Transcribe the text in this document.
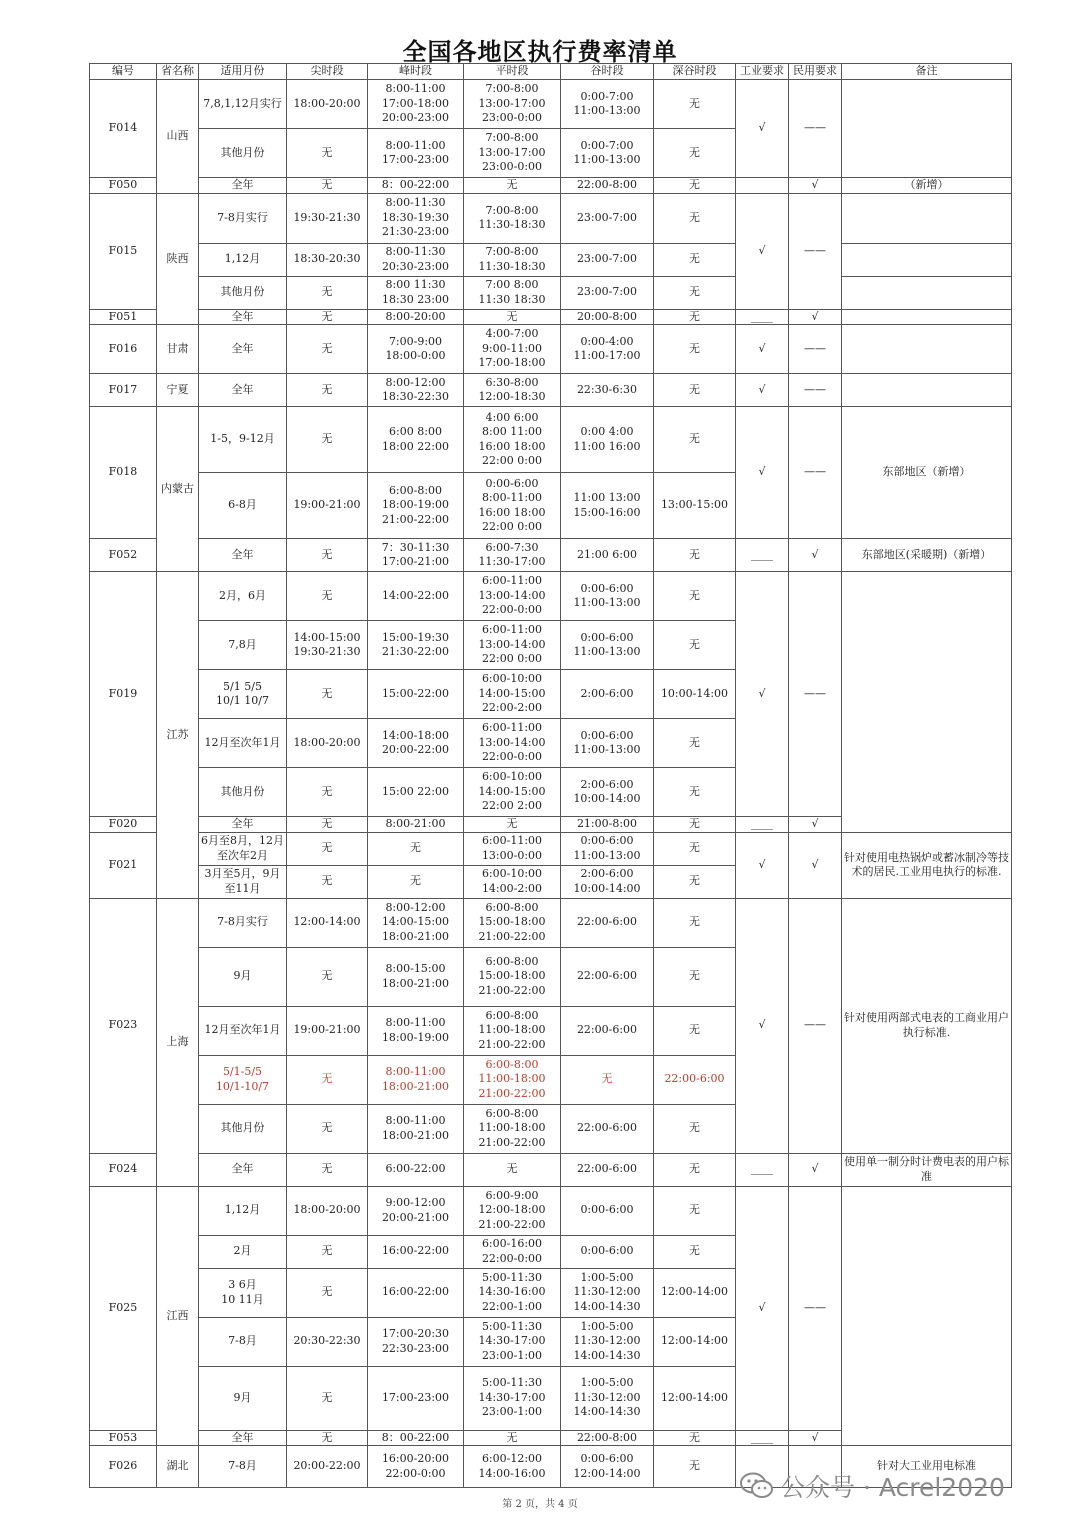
全国各地区执行费率清单
编号	省名称	适用月份	尖时段	峰时段	平时段	谷时段	深谷时段	工业要求	民用要求	备注
F014	山西	7,8,1,12月实行	18:00-20:00	8:00-11:00
17:00-18:00
20:00-23:00	7:00-8:00
13:00-17:00
23:00-0:00	0:00-7:00
11:00-13:00	无	√	——	
		其他月份	无	8:00-11:00
17:00-23:00	7:00-8:00
13:00-17:00
23:00-0:00	0:00-7:00
11:00-13:00	无			
F050		全年	无	8：00-22:00	无	22:00-8:00	无		√	（新增）
F015	陕西	7-8月实行	19:30-21:30	8:00-11:30
18:30-19:30
21:30-23:00	7:00-8:00
11:30-18:30	23:00-7:00	无	√	——	
		1,12月	18:30-20:30	8:00-11:30
20:30-23:00	7:00-8:00
11:30-18:30	23:00-7:00	无			
		其他月份	无	8:00 11:30
18:30 23:00	7:00 8:00
11:30 18:30	23:00-7:00	无			
F051		全年	无	8:00-20:00	无	20:00-8:00	无	____	√	
F016	甘肃	全年	无	7:00-9:00
18:00-0:00	4:00-7:00
9:00-11:00
17:00-18:00	0:00-4:00
11:00-17:00	无	√	——	
F017	宁夏	全年	无	8:00-12:00
18:30-22:30	6:30-8:00
12:00-18:30	22:30-6:30	无	√	——	
F018	内蒙古	1-5，9-12月	无	6:00 8:00
18:00 22:00	4:00 6:00
8:00 11:00
16:00 18:00
22:00 0:00	0:00 4:00
11:00 16:00	无	√	——	东部地区（新增）
		6-8月	19:00-21:00	6:00-8:00
18:00-19:00
21:00-22:00	0:00-6:00
8:00-11:00
16:00 18:00
22:00 0:00	11:00 13:00
15:00-16:00	13:00-15:00			
F052		全年	无	7：30-11:30
17:00-21:00	6:00-7:30
11:30-17:00	21:00 6:00	无	____	√	东部地区(采暖期)（新增）
F019	江苏	2月，6月	无	14:00-22:00	6:00-11:00
13:00-14:00
22:00-0:00	0:00-6:00
11:00-13:00	无	√	——	
		7,8月	14:00-15:00
19:30-21:30	15:00-19:30
21:30-22:00	6:00-11:00
13:00-14:00
22:00 0:00	0:00-6:00
11:00-13:00	无			
		5/1 5/5
10/1 10/7	无	15:00-22:00	6:00-10:00
14:00-15:00
22:00-2:00	2:00-6:00	10:00-14:00			
		12月至次年1月	18:00-20:00	14:00-18:00
20:00-22:00	6:00-11:00
13:00-14:00
22:00-0:00	0:00-6:00
11:00-13:00	无			
		其他月份	无	15:00 22:00	6:00-10:00
14:00-15:00
22:00 2:00	2:00-6:00
10:00-14:00	无			
F020		全年	无	8:00-21:00	无	21:00-8:00	无	____	√	
F021		6月至8月，12月至次年2月	无	无	6:00-11:00
13:00-0:00	0:00-6:00
11:00-13:00	无	√	√	针对使用电热锅炉或蓄冰制冷等技术的居民.工业用电执行的标准.
		3月至5月，9月至11月	无	无	6:00-10:00
14:00-2:00	2:00-6:00
10:00-14:00	无			
F023	上海	7-8月实行	12:00-14:00	8:00-12:00
14:00-15:00
18:00-21:00	6:00-8:00
15:00-18:00
21:00-22:00	22:00-6:00	无	√	——	针对使用两部式电表的工商业用户执行标准.
		9月	无	8:00-15:00
18:00-21:00	6:00-8:00
15:00-18:00
21:00-22:00	22:00-6:00	无			
		12月至次年1月	19:00-21:00	8:00-11:00
18:00-19:00	6:00-8:00
11:00-18:00
21:00-22:00	22:00-6:00	无			
		5/1-5/5
10/1-10/7	无	8:00-11:00
18:00-21:00	6:00-8:00
11:00-18:00
21:00-22:00	无	22:00-6:00			
		其他月份	无	8:00-11:00
18:00-21:00	6:00-8:00
11:00-18:00
21:00-22:00	22:00-6:00	无			
F024		全年	无	6:00-22:00	无	22:00-6:00	无	____	√	使用单一制分时计费电表的用户标准
F025	江西	1,12月	18:00-20:00	9:00-12:00
20:00-21:00	6:00-9:00
12:00-18:00
21:00-22:00	0:00-6:00	无	√	——	
		2月	无	16:00-22:00	6:00-16:00
22:00-0:00	0:00-6:00	无			
		3 6月
10 11月	无	16:00-22:00	5:00-11:30
14:30-16:00
22:00-1:00	1:00-5:00
11:30-12:00
14:00-14:30	12:00-14:00			
		7-8月	20:30-22:30	17:00-20:30
22:30-23:00	5:00-11:30
14:30-17:00
23:00-1:00	1:00-5:00
11:30-12:00
14:00-14:30	12:00-14:00			
		9月	无	17:00-23:00	5:00-11:30
14:30-17:00
23:00-1:00	1:00-5:00
11:30-12:00
14:00-14:30	12:00-14:00			
F053		全年	无	8：00-22:00	无	22:00-8:00	无	____	√	
F026	湖北	7-8月	20:00-22:00	16:00-20:00
22:00-0:00	6:00-12:00
14:00-16:00	0:00-6:00
12:00-14:00	无			针对大工业用电标准
第 2 页，共 4 页
公众号 · Acrel2020
